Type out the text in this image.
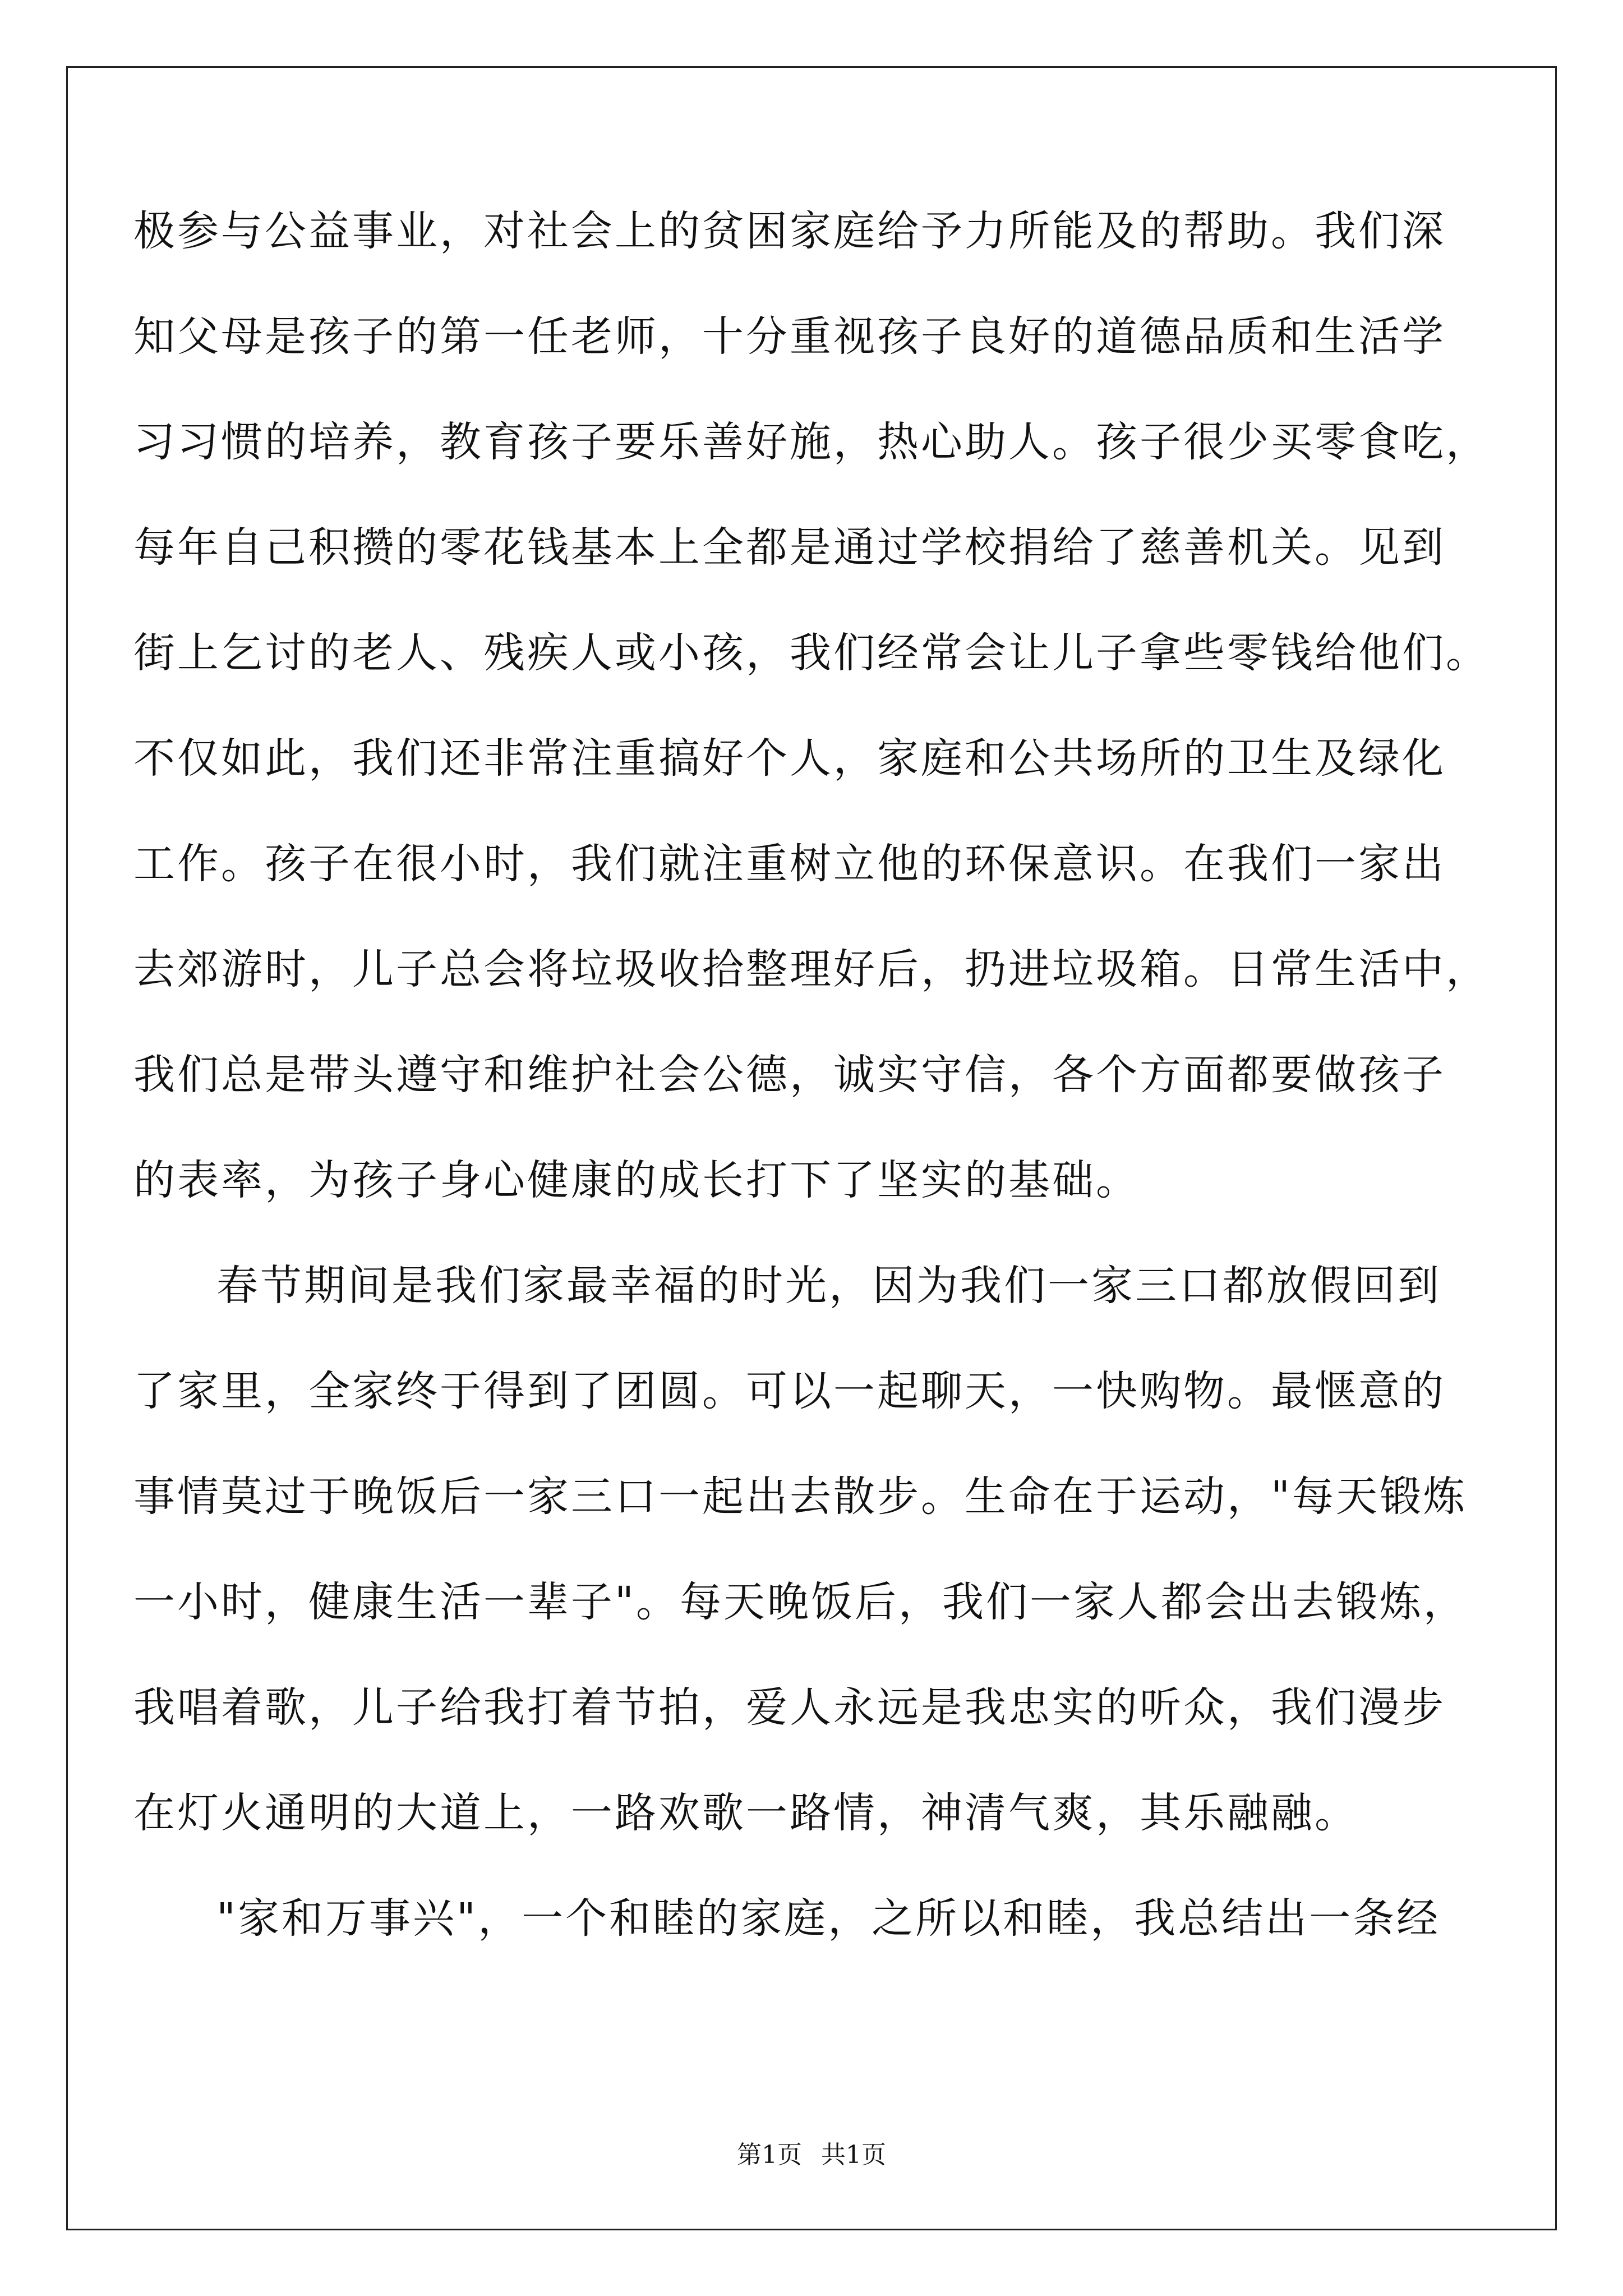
极参与公益事业，对社会上的贫困家庭给予力所能及的帮助。我们深
知父母是孩子的第一任老师，十分重视孩子良好的道德品质和生活学
习习惯的培养，教育孩子要乐善好施，热心助人。孩子很少买零食吃，
每年自己积攒的零花钱基本上全都是通过学校捐给了慈善机关。见到
街上乞讨的老人、残疾人或小孩，我们经常会让儿子拿些零钱给他们。
不仅如此，我们还非常注重搞好个人，家庭和公共场所的卫生及绿化
工作。孩子在很小时，我们就注重树立他的环保意识。在我们一家出
去郊游时，儿子总会将垃圾收拾整理好后，扔进垃圾箱。日常生活中，
我们总是带头遵守和维护社会公德，诚实守信，各个方面都要做孩子
的表率，为孩子身心健康的成长打下了坚实的基础。
春节期间是我们家最幸福的时光，因为我们一家三口都放假回到
了家里，全家终于得到了团圆。可以一起聊天，一快购物。最惬意的
事情莫过于晚饭后一家三口一起出去散步。生命在于运动，"每天锻炼
一小时，健康生活一辈子"。每天晚饭后，我们一家人都会出去锻炼，
我唱着歌，儿子给我打着节拍，爱人永远是我忠实的听众，我们漫步
在灯火通明的大道上，一路欢歌一路情，神清气爽，其乐融融。
"家和万事兴"，一个和睦的家庭，之所以和睦，我总结出一条经
第1页 共1页
